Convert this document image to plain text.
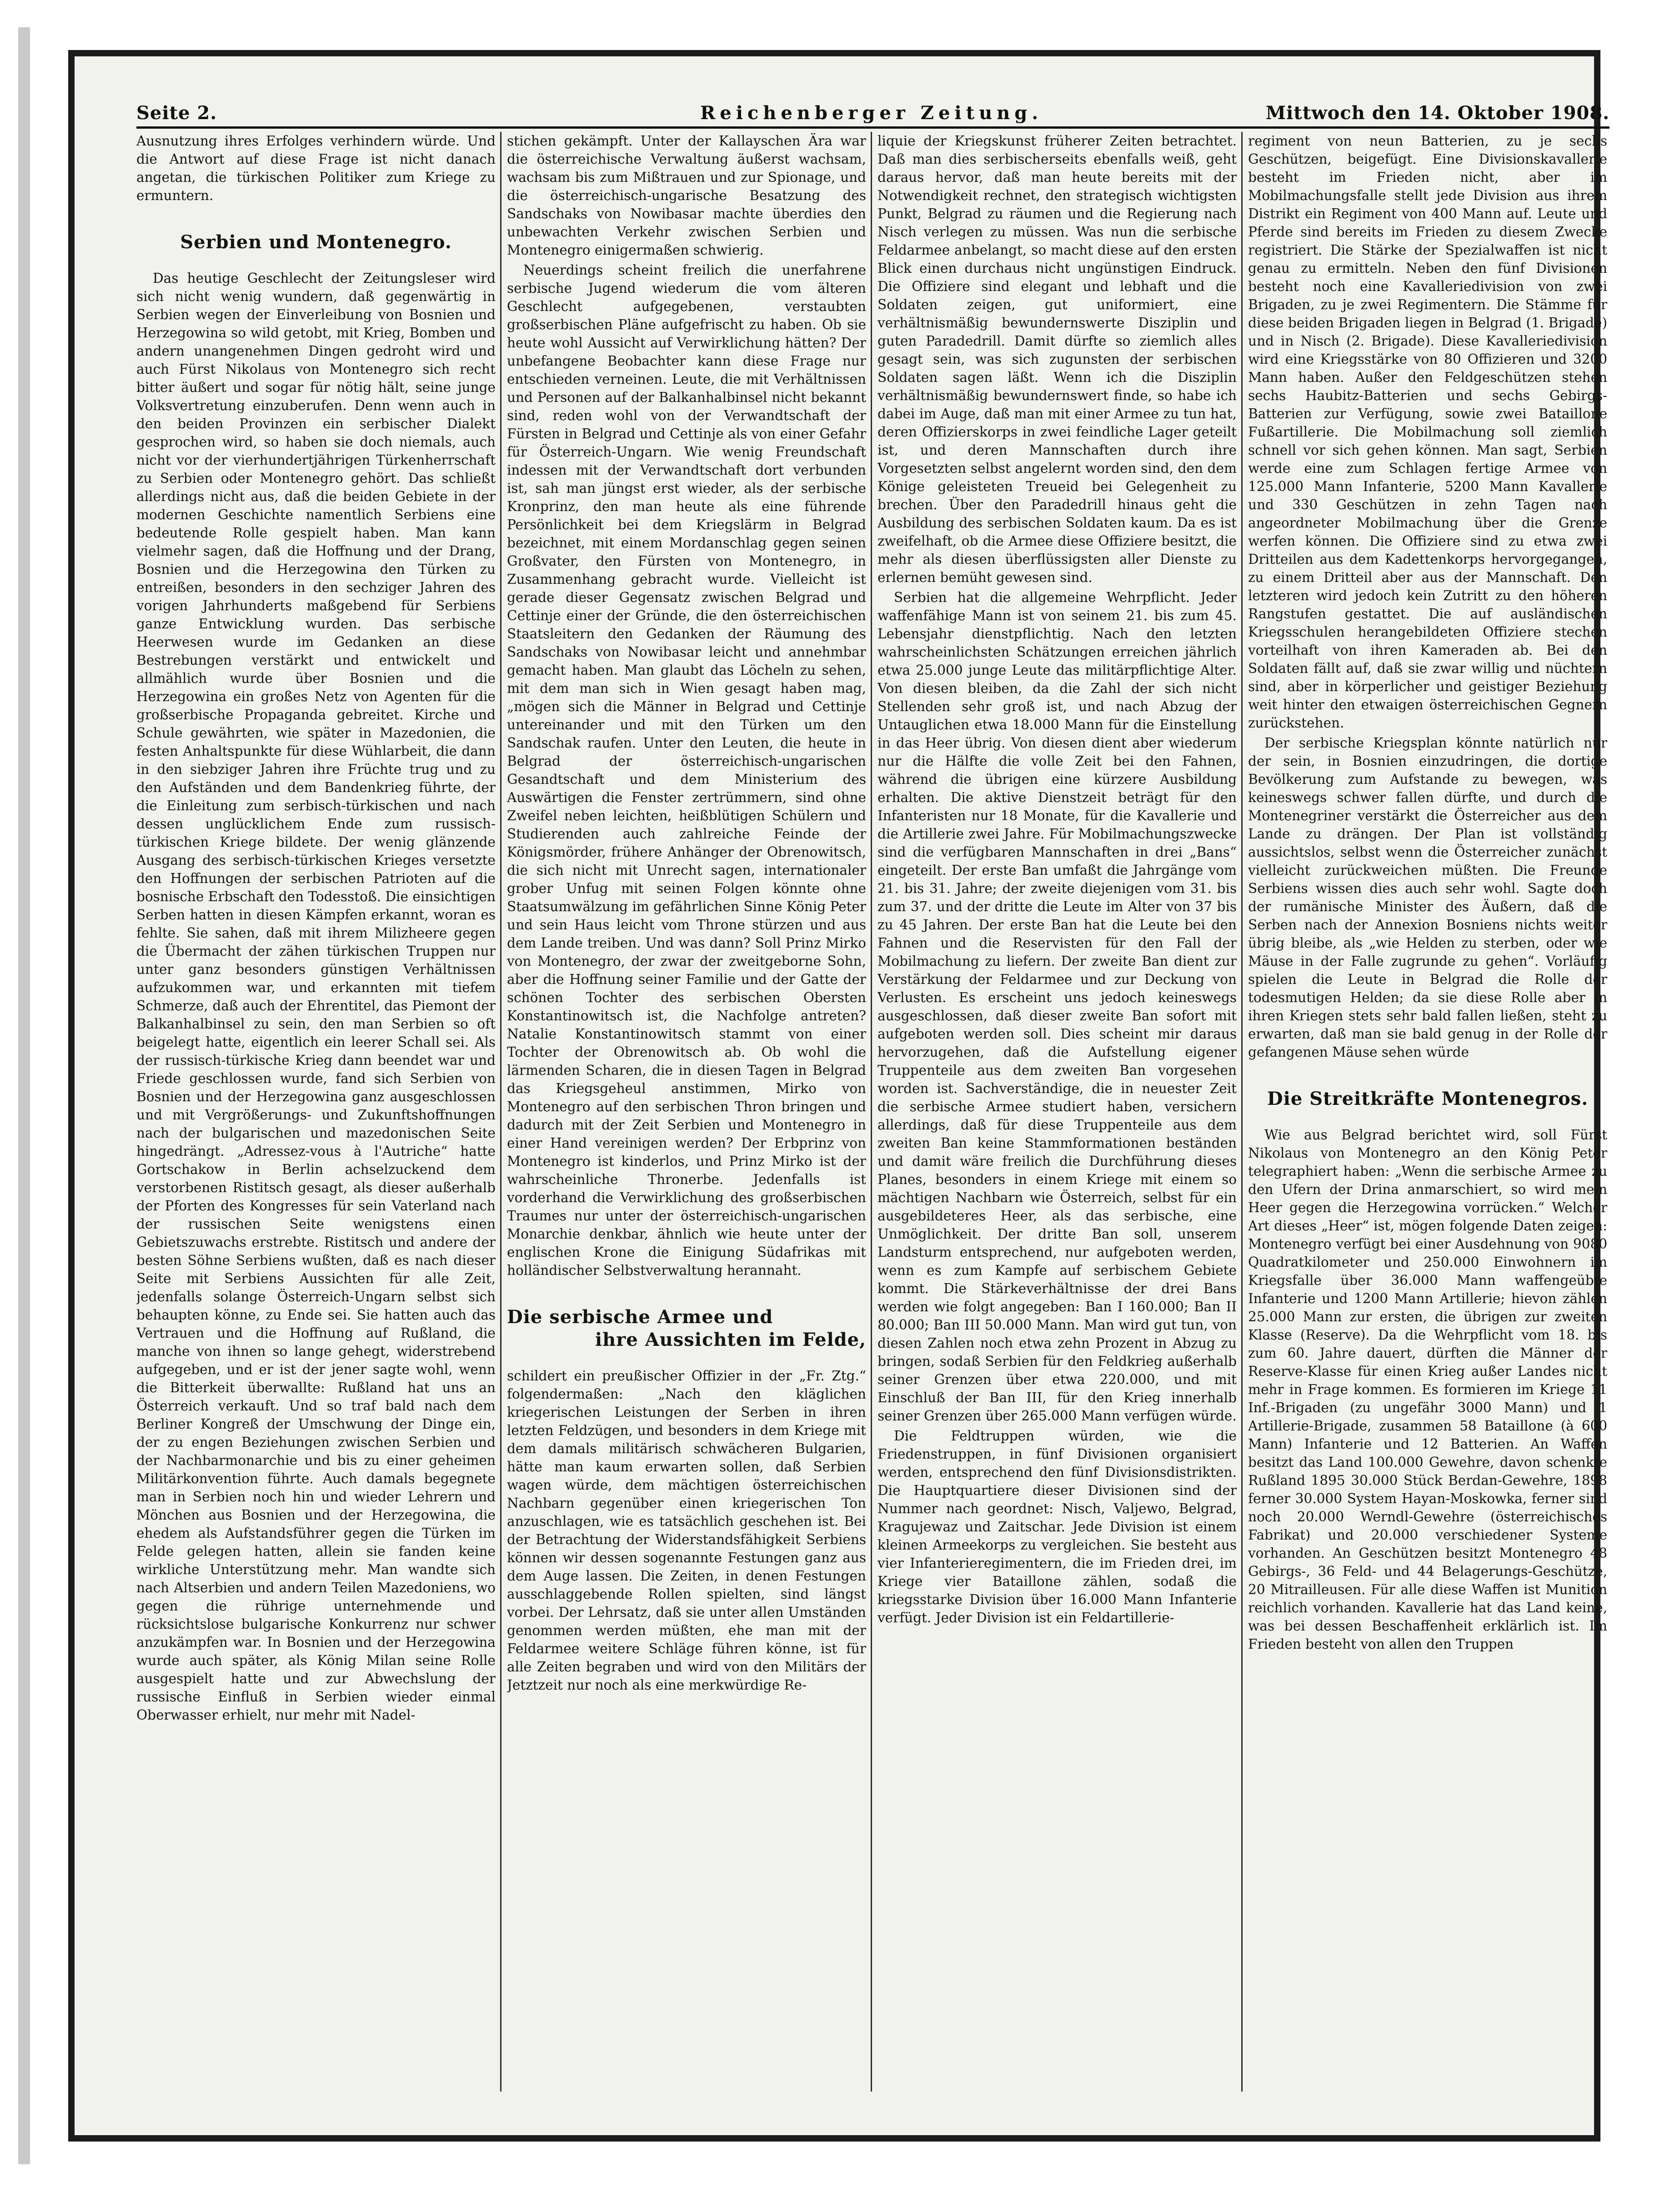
Seite 2.	Reichenberger Zeitung.	Mittwoch den 14. Oktober 1908.

Ausnutzung ihres Erfolges verhindern würde. Und die Antwort auf diese Frage ist nicht danach angetan, die türkischen Politiker zum Kriege zu ermuntern.

Serbien und Montenegro.

Das heutige Geschlecht der Zeitungsleser wird sich nicht wenig wundern, daß gegenwärtig in Serbien wegen der Einverleibung von Bosnien und Herzegowina so wild getobt, mit Krieg, Bomben und andern unangenehmen Dingen gedroht wird und auch Fürst Nikolaus von Montenegro sich recht bitter äußert und sogar für nötig hält, seine junge Volksvertretung einzuberufen. Denn wenn auch in den beiden Provinzen ein serbischer Dialekt gesprochen wird, so haben sie doch niemals, auch nicht vor der vierhundertjährigen Türkenherrschaft zu Serbien oder Montenegro gehört. Das schließt allerdings nicht aus, daß die beiden Gebiete in der modernen Geschichte namentlich Serbiens eine bedeutende Rolle gespielt haben. Man kann vielmehr sagen, daß die Hoffnung und der Drang, Bosnien und die Herzegowina den Türken zu entreißen, besonders in den sechziger Jahren des vorigen Jahrhunderts maßgebend für Serbiens ganze Entwicklung wurden. Das serbische Heerwesen wurde im Gedanken an diese Bestrebungen verstärkt und entwickelt und allmählich wurde über Bosnien und die Herzegowina ein großes Netz von Agenten für die großserbische Propaganda gebreitet. Kirche und Schule gewährten, wie später in Mazedonien, die festen Anhaltspunkte für diese Wühlarbeit, die dann in den siebziger Jahren ihre Früchte trug und zu den Aufständen und dem Bandenkrieg führte, der die Einleitung zum serbisch-türkischen und nach dessen unglücklichem Ende zum russisch-türkischen Kriege bildete. Der wenig glänzende Ausgang des serbisch-türkischen Krieges versetzte den Hoffnungen der serbischen Patrioten auf die bosnische Erbschaft den Todesstoß. Die einsichtigen Serben hatten in diesen Kämpfen erkannt, woran es fehlte. Sie sahen, daß mit ihrem Milizheere gegen die Übermacht der zähen türkischen Truppen nur unter ganz besonders günstigen Verhältnissen aufzukommen war, und erkannten mit tiefem Schmerze, daß auch der Ehrentitel, das Piemont der Balkanhalbinsel zu sein, den man Serbien so oft beigelegt hatte, eigentlich ein leerer Schall sei. Als der russisch-türkische Krieg dann beendet war und Friede geschlossen wurde, fand sich Serbien von Bosnien und der Herzegowina ganz ausgeschlossen und mit Vergrößerungs- und Zukunftshoffnungen nach der bulgarischen und mazedonischen Seite hingedrängt. „Adressez-vous à l'Autriche“ hatte Gortschakow in Berlin achselzuckend dem verstorbenen Ristitsch gesagt, als dieser außerhalb der Pforten des Kongresses für sein Vaterland nach der russischen Seite wenigstens einen Gebietszuwachs erstrebte. Ristitsch und andere der besten Söhne Serbiens wußten, daß es nach dieser Seite mit Serbiens Aussichten für alle Zeit, jedenfalls solange Österreich-Ungarn selbst sich behaupten könne, zu Ende sei. Sie hatten auch das Vertrauen und die Hoffnung auf Rußland, die manche von ihnen so lange gehegt, widerstrebend aufgegeben, und er ist der jener sagte wohl, wenn die Bitterkeit überwallte: Rußland hat uns an Österreich verkauft. Und so traf bald nach dem Berliner Kongreß der Umschwung der Dinge ein, der zu engen Beziehungen zwischen Serbien und der Nachbarmonarchie und bis zu einer geheimen Militärkonvention führte. Auch damals begegnete man in Serbien noch hin und wieder Lehrern und Mönchen aus Bosnien und der Herzegowina, die ehedem als Aufstandsführer gegen die Türken im Felde gelegen hatten, allein sie fanden keine wirkliche Unterstützung mehr. Man wandte sich nach Altserbien und andern Teilen Mazedoniens, wo gegen die rührige unternehmende und rücksichtslose bulgarische Konkurrenz nur schwer anzukämpfen war. In Bosnien und der Herzegowina wurde auch später, als König Milan seine Rolle ausgespielt hatte und zur Abwechslung der russische Einfluß in Serbien wieder einmal Oberwasser erhielt, nur mehr mit Nadel-

stichen gekämpft. Unter der Kallayschen Ära war die österreichische Verwaltung äußerst wachsam, wachsam bis zum Mißtrauen und zur Spionage, und die österreichisch-ungarische Besatzung des Sandschaks von Nowibasar machte überdies den unbewachten Verkehr zwischen Serbien und Montenegro einigermaßen schwierig.

Neuerdings scheint freilich die unerfahrene serbische Jugend wiederum die vom älteren Geschlecht aufgegebenen, verstaubten großserbischen Pläne aufgefrischt zu haben. Ob sie heute wohl Aussicht auf Verwirklichung hätten? Der unbefangene Beobachter kann diese Frage nur entschieden verneinen. Leute, die mit Verhältnissen und Personen auf der Balkanhalbinsel nicht bekannt sind, reden wohl von der Verwandtschaft der Fürsten in Belgrad und Cettinje als von einer Gefahr für Österreich-Ungarn. Wie wenig Freundschaft indessen mit der Verwandtschaft dort verbunden ist, sah man jüngst erst wieder, als der serbische Kronprinz, den man heute als eine führende Persönlichkeit bei dem Kriegslärm in Belgrad bezeichnet, mit einem Mordanschlag gegen seinen Großvater, den Fürsten von Montenegro, in Zusammenhang gebracht wurde. Vielleicht ist gerade dieser Gegensatz zwischen Belgrad und Cettinje einer der Gründe, die den österreichischen Staatsleitern den Gedanken der Räumung des Sandschaks von Nowibasar leicht und annehmbar gemacht haben. Man glaubt das Löcheln zu sehen, mit dem man sich in Wien gesagt haben mag, „mögen sich die Männer in Belgrad und Cettinje untereinander und mit den Türken um den Sandschak raufen. Unter den Leuten, die heute in Belgrad der österreichisch-ungarischen Gesandtschaft und dem Ministerium des Auswärtigen die Fenster zertrümmern, sind ohne Zweifel neben leichten, heißblütigen Schülern und Studierenden auch zahlreiche Feinde der Königsmörder, frühere Anhänger der Obrenowitsch, die sich nicht mit Unrecht sagen, internationaler grober Unfug mit seinen Folgen könnte ohne Staatsumwälzung im gefährlichen Sinne König Peter und sein Haus leicht vom Throne stürzen und aus dem Lande treiben. Und was dann? Soll Prinz Mirko von Montenegro, der zwar der zweitgeborne Sohn, aber die Hoffnung seiner Familie und der Gatte der schönen Tochter des serbischen Obersten Konstantinowitsch ist, die Nachfolge antreten? Natalie Konstantinowitsch stammt von einer Tochter der Obrenowitsch ab. Ob wohl die lärmenden Scharen, die in diesen Tagen in Belgrad das Kriegsgeheul anstimmen, Mirko von Montenegro auf den serbischen Thron bringen und dadurch mit der Zeit Serbien und Montenegro in einer Hand vereinigen werden? Der Erbprinz von Montenegro ist kinderlos, und Prinz Mirko ist der wahrscheinliche Thronerbe. Jedenfalls ist vorderhand die Verwirklichung des großserbischen Traumes nur unter der österreichisch-ungarischen Monarchie denkbar, ähnlich wie heute unter der englischen Krone die Einigung Südafrikas mit holländischer Selbstverwaltung herannaht.

Die serbische Armee und
ihre Aussichten im Felde,

schildert ein preußischer Offizier in der „Fr. Ztg.“ folgendermaßen: „Nach den kläglichen kriegerischen Leistungen der Serben in ihren letzten Feldzügen, und besonders in dem Kriege mit dem damals militärisch schwächeren Bulgarien, hätte man kaum erwarten sollen, daß Serbien wagen würde, dem mächtigen österreichischen Nachbarn gegenüber einen kriegerischen Ton anzuschlagen, wie es tatsächlich geschehen ist. Bei der Betrachtung der Widerstandsfähigkeit Serbiens können wir dessen sogenannte Festungen ganz aus dem Auge lassen. Die Zeiten, in denen Festungen ausschlaggebende Rollen spielten, sind längst vorbei. Der Lehrsatz, daß sie unter allen Umständen genommen werden müßten, ehe man mit der Feldarmee weitere Schläge führen könne, ist für alle Zeiten begraben und wird von den Militärs der Jetztzeit nur noch als eine merkwürdige Re-

liquie der Kriegskunst früherer Zeiten betrachtet. Daß man dies serbischerseits ebenfalls weiß, geht daraus hervor, daß man heute bereits mit der Notwendigkeit rechnet, den strategisch wichtigsten Punkt, Belgrad zu räumen und die Regierung nach Nisch verlegen zu müssen. Was nun die serbische Feldarmee anbelangt, so macht diese auf den ersten Blick einen durchaus nicht ungünstigen Eindruck. Die Offiziere sind elegant und lebhaft und die Soldaten zeigen, gut uniformiert, eine verhältnismäßig bewundernswerte Disziplin und guten Paradedrill. Damit dürfte so ziemlich alles gesagt sein, was sich zugunsten der serbischen Soldaten sagen läßt. Wenn ich die Disziplin verhältnismäßig bewundernswert finde, so habe ich dabei im Auge, daß man mit einer Armee zu tun hat, deren Offizierskorps in zwei feindliche Lager geteilt ist, und deren Mannschaften durch ihre Vorgesetzten selbst angelernt worden sind, den dem Könige geleisteten Treueid bei Gelegenheit zu brechen. Über den Paradedrill hinaus geht die Ausbildung des serbischen Soldaten kaum. Da es ist zweifelhaft, ob die Armee diese Offiziere besitzt, die mehr als diesen überflüssigsten aller Dienste zu erlernen bemüht gewesen sind.

Serbien hat die allgemeine Wehrpflicht. Jeder waffenfähige Mann ist von seinem 21. bis zum 45. Lebensjahr dienstpflichtig. Nach den letzten wahrscheinlichsten Schätzungen erreichen jährlich etwa 25.000 junge Leute das militärpflichtige Alter. Von diesen bleiben, da die Zahl der sich nicht Stellenden sehr groß ist, und nach Abzug der Untauglichen etwa 18.000 Mann für die Einstellung in das Heer übrig. Von diesen dient aber wiederum nur die Hälfte die volle Zeit bei den Fahnen, während die übrigen eine kürzere Ausbildung erhalten. Die aktive Dienstzeit beträgt für den Infanteristen nur 18 Monate, für die Kavallerie und die Artillerie zwei Jahre. Für Mobilmachungszwecke sind die verfügbaren Mannschaften in drei „Bans“ eingeteilt. Der erste Ban umfaßt die Jahrgänge vom 21. bis 31. Jahre; der zweite diejenigen vom 31. bis zum 37. und der dritte die Leute im Alter von 37 bis zu 45 Jahren. Der erste Ban hat die Leute bei den Fahnen und die Reservisten für den Fall der Mobilmachung zu liefern. Der zweite Ban dient zur Verstärkung der Feldarmee und zur Deckung von Verlusten. Es erscheint uns jedoch keineswegs ausgeschlossen, daß dieser zweite Ban sofort mit aufgeboten werden soll. Dies scheint mir daraus hervorzugehen, daß die Aufstellung eigener Truppenteile aus dem zweiten Ban vorgesehen worden ist. Sachverständige, die in neuester Zeit die serbische Armee studiert haben, versichern allerdings, daß für diese Truppenteile aus dem zweiten Ban keine Stammformationen beständen und damit wäre freilich die Durchführung dieses Planes, besonders in einem Kriege mit einem so mächtigen Nachbarn wie Österreich, selbst für ein ausgebildeteres Heer, als das serbische, eine Unmöglichkeit. Der dritte Ban soll, unserem Landsturm entsprechend, nur aufgeboten werden, wenn es zum Kampfe auf serbischem Gebiete kommt. Die Stärkeverhältnisse der drei Bans werden wie folgt angegeben: Ban I 160.000; Ban II 80.000; Ban III 50.000 Mann. Man wird gut tun, von diesen Zahlen noch etwa zehn Prozent in Abzug zu bringen, sodaß Serbien für den Feldkrieg außerhalb seiner Grenzen über etwa 220.000, und mit Einschluß der Ban III, für den Krieg innerhalb seiner Grenzen über 265.000 Mann verfügen würde.

Die Feldtruppen würden, wie die Friedenstruppen, in fünf Divisionen organisiert werden, entsprechend den fünf Divisionsdistrikten. Die Hauptquartiere dieser Divisionen sind der Nummer nach geordnet: Nisch, Valjewo, Belgrad, Kragujewaz und Zaitschar. Jede Division ist einem kleinen Armeekorps zu vergleichen. Sie besteht aus vier Infanterieregimentern, die im Frieden drei, im Kriege vier Bataillone zählen, sodaß die kriegsstarke Division über 16.000 Mann Infanterie verfügt. Jeder Division ist ein Feldartillerie-

regiment von neun Batterien, zu je sechs Geschützen, beigefügt. Eine Divisionskavallerie besteht im Frieden nicht, aber im Mobilmachungsfalle stellt jede Division aus ihrem Distrikt ein Regiment von 400 Mann auf. Leute und Pferde sind bereits im Frieden zu diesem Zwecke registriert. Die Stärke der Spezialwaffen ist nicht genau zu ermitteln. Neben den fünf Divisionen besteht noch eine Kavalleriedivision von zwei Brigaden, zu je zwei Regimentern. Die Stämme für diese beiden Brigaden liegen in Belgrad (1. Brigade) und in Nisch (2. Brigade). Diese Kavalleriedivision wird eine Kriegsstärke von 80 Offizieren und 3200 Mann haben. Außer den Feldgeschützen stehen sechs Haubitz-Batterien und sechs Gebirgs-Batterien zur Verfügung, sowie zwei Bataillone Fußartillerie. Die Mobilmachung soll ziemlich schnell vor sich gehen können. Man sagt, Serbien werde eine zum Schlagen fertige Armee von 125.000 Mann Infanterie, 5200 Mann Kavallerie und 330 Geschützen in zehn Tagen nach angeordneter Mobilmachung über die Grenze werfen können. Die Offiziere sind zu etwa zwei Dritteilen aus dem Kadettenkorps hervorgegangen, zu einem Dritteil aber aus der Mannschaft. Den letzteren wird jedoch kein Zutritt zu den höheren Rangstufen gestattet. Die auf ausländischen Kriegsschulen herangebildeten Offiziere stechen vorteilhaft von ihren Kameraden ab. Bei den Soldaten fällt auf, daß sie zwar willig und nüchtern sind, aber in körperlicher und geistiger Beziehung weit hinter den etwaigen österreichischen Gegnern zurückstehen.

Der serbische Kriegsplan könnte natürlich nur der sein, in Bosnien einzudringen, die dortige Bevölkerung zum Aufstande zu bewegen, was keineswegs schwer fallen dürfte, und durch die Montenegriner verstärkt die Österreicher aus dem Lande zu drängen. Der Plan ist vollständig aussichtslos, selbst wenn die Österreicher zunächst vielleicht zurückweichen müßten. Die Freunde Serbiens wissen dies auch sehr wohl. Sagte doch der rumänische Minister des Äußern, daß die Serben nach der Annexion Bosniens nichts weiter übrig bleibe, als „wie Helden zu sterben, oder wie Mäuse in der Falle zugrunde zu gehen“. Vorläufig spielen die Leute in Belgrad die Rolle der todesmutigen Helden; da sie diese Rolle aber in ihren Kriegen stets sehr bald fallen ließen, steht zu erwarten, daß man sie bald genug in der Rolle der gefangenen Mäuse sehen würde

Die Streitkräfte Montenegros.

Wie aus Belgrad berichtet wird, soll Fürst Nikolaus von Montenegro an den König Peter telegraphiert haben: „Wenn die serbische Armee zu den Ufern der Drina anmarschiert, so wird mein Heer gegen die Herzegowina vorrücken.“ Welcher Art dieses „Heer“ ist, mögen folgende Daten zeigen: Montenegro verfügt bei einer Ausdehnung von 9080 Quadratkilometer und 250.000 Einwohnern im Kriegsfalle über 36.000 Mann waffengeübte Infanterie und 1200 Mann Artillerie; hievon zählen 25.000 Mann zur ersten, die übrigen zur zweiten Klasse (Reserve). Da die Wehrpflicht vom 18. bis zum 60. Jahre dauert, dürften die Männer der Reserve-Klasse für einen Krieg außer Landes nicht mehr in Frage kommen. Es formieren im Kriege 11 Inf.-Brigaden (zu ungefähr 3000 Mann) und 1 Artillerie-Brigade, zusammen 58 Bataillone (à 600 Mann) Infanterie und 12 Batterien. An Waffen besitzt das Land 100.000 Gewehre, davon schenkte Rußland 1895 30.000 Stück Berdan-Gewehre, 1898 ferner 30.000 System Hayan-Moskowka, ferner sind noch 20.000 Werndl-Gewehre (österreichisches Fabrikat) und 20.000 verschiedener Systeme vorhanden. An Geschützen besitzt Montenegro 48 Gebirgs-, 36 Feld- und 44 Belagerungs-Geschütze, 20 Mitrailleusen. Für alle diese Waffen ist Munition reichlich vorhanden. Kavallerie hat das Land keine, was bei dessen Beschaffenheit erklärlich ist. Im Frieden besteht von allen den Truppen
